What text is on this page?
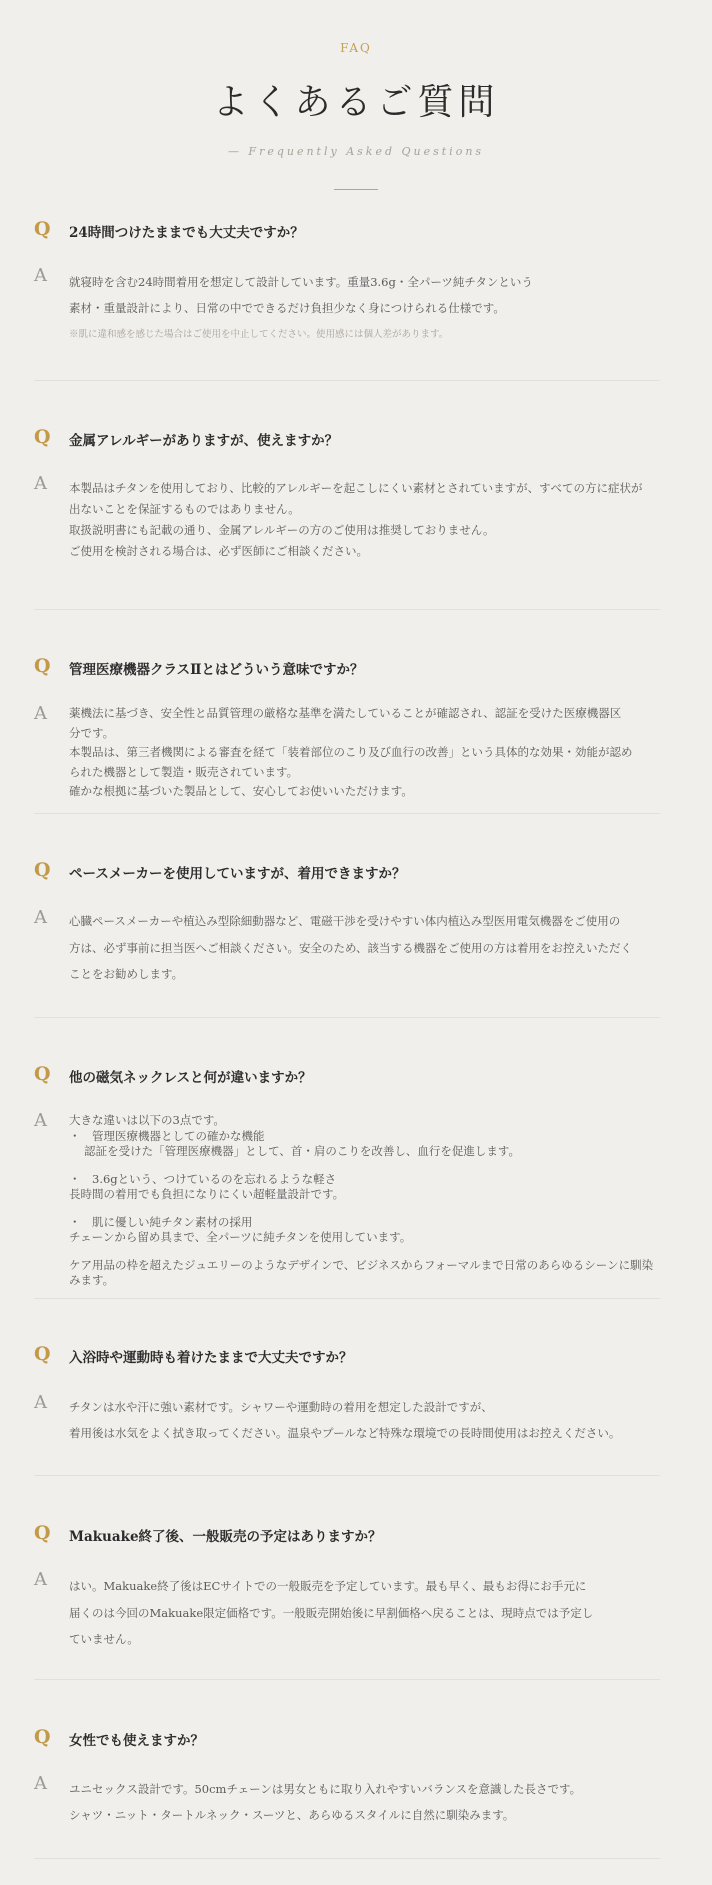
FAQ
よくあるご質問
— Frequently Asked Questions
Q 24時間つけたままでも大丈夫ですか？
A 就寝時を含む24時間着用を想定して設計しています。重量3.6g・全パーツ純チタンという
素材・重量設計により、日常の中でできるだけ負担少なく身につけられる仕様です。
※肌に違和感を感じた場合はご使用を中止してください。使用感には個人差があります。
Q 金属アレルギーがありますが、使えますか？
A 本製品はチタンを使用しており、比較的アレルギーを起こしにくい素材とされていますが、すべての方に症状が
出ないことを保証するものではありません。
取扱説明書にも記載の通り、金属アレルギーの方のご使用は推奨しておりません。
ご使用を検討される場合は、必ず医師にご相談ください。
Q 管理医療機器クラスⅡとはどういう意味ですか？
A 薬機法に基づき、安全性と品質管理の厳格な基準を満たしていることが確認され、認証を受けた医療機器区
分です。
本製品は、第三者機関による審査を経て「装着部位のこり及び血行の改善」という具体的な効果・効能が認め
られた機器として製造・販売されています。
確かな根拠に基づいた製品として、安心してお使いいただけます。
Q ペースメーカーを使用していますが、着用できますか？
A 心臓ペースメーカーや植込み型除細動器など、電磁干渉を受けやすい体内植込み型医用電気機器をご使用の
方は、必ず事前に担当医へご相談ください。安全のため、該当する機器をご使用の方は着用をお控えいただく
ことをお勧めします。
Q 他の磁気ネックレスと何が違いますか？
A 大きな違いは以下の3点です。
・　管理医療機器としての確かな機能
　 認証を受けた「管理医療機器」として、首・肩のこりを改善し、血行を促進します。
・　3.6gという、つけているのを忘れるような軽さ
長時間の着用でも負担になりにくい超軽量設計です。
・　肌に優しい純チタン素材の採用
チェーンから留め具まで、全パーツに純チタンを使用しています。
ケア用品の枠を超えたジュエリーのようなデザインで、ビジネスからフォーマルまで日常のあらゆるシーンに馴染
みます。
Q 入浴時や運動時も着けたままで大丈夫ですか？
A チタンは水や汗に強い素材です。シャワーや運動時の着用を想定した設計ですが、
着用後は水気をよく拭き取ってください。温泉やプールなど特殊な環境での長時間使用はお控えください。
Q Makuake終了後、一般販売の予定はありますか？
A はい。Makuake終了後はECサイトでの一般販売を予定しています。最も早く、最もお得にお手元に
届くのは今回のMakuake限定価格です。一般販売開始後に早割価格へ戻ることは、現時点では予定し
ていません。
Q 女性でも使えますか？
A ユニセックス設計です。50cmチェーンは男女ともに取り入れやすいバランスを意識した長さです。
シャツ・ニット・タートルネック・スーツと、あらゆるスタイルに自然に馴染みます。
